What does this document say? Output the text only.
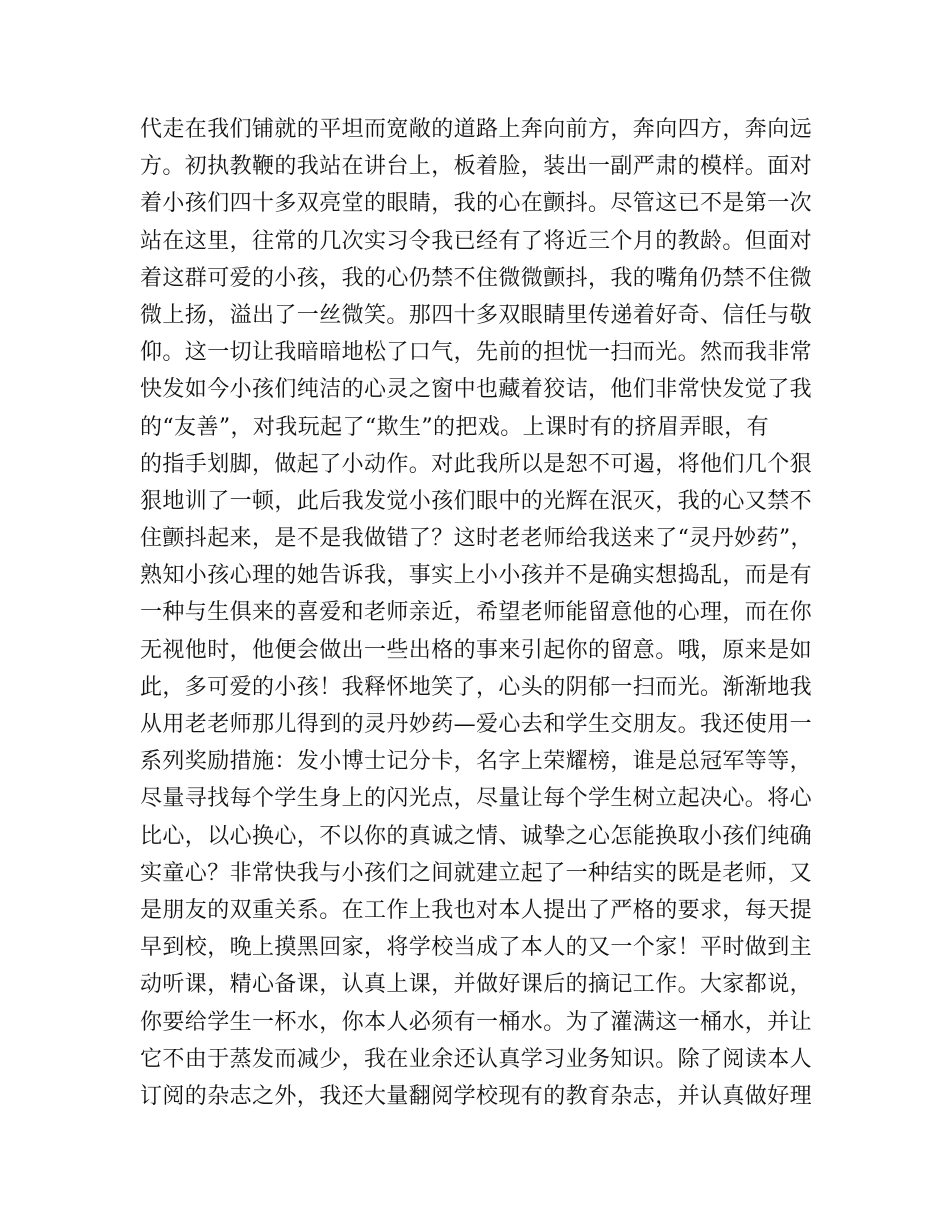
代走在我们铺就的平坦而宽敞的道路上奔向前方，奔向四方，奔向远
方。初执教鞭的我站在讲台上，板着脸，装出一副严肃的模样。面对
着小孩们四十多双亮堂的眼睛，我的心在颤抖。尽管这已不是第一次
站在这里，往常的几次实习令我已经有了将近三个月的教龄。但面对
着这群可爱的小孩，我的心仍禁不住微微颤抖，我的嘴角仍禁不住微
微上扬，溢出了一丝微笑。那四十多双眼睛里传递着好奇、信任与敬
仰。这一切让我暗暗地松了口气，先前的担忧一扫而光。然而我非常
快发如今小孩们纯洁的心灵之窗中也藏着狡诘，他们非常快发觉了我
的“友善”，对我玩起了“欺生”的把戏。上课时有的挤眉弄眼，有
的指手划脚，做起了小动作。对此我所以是恕不可遏，将他们几个狠
狠地训了一顿，此后我发觉小孩们眼中的光辉在泯灭，我的心又禁不
住颤抖起来，是不是我做错了？这时老老师给我送来了“灵丹妙药”，
熟知小孩心理的她告诉我，事实上小小孩并不是确实想捣乱，而是有
一种与生俱来的喜爱和老师亲近，希望老师能留意他的心理，而在你
无视他时，他便会做出一些出格的事来引起你的留意。哦，原来是如
此，多可爱的小孩！我释怀地笑了，心头的阴郁一扫而光。渐渐地我
从用老老师那儿得到的灵丹妙药—爱心去和学生交朋友。我还使用一
系列奖励措施：发小博士记分卡，名字上荣耀榜，谁是总冠军等等，
尽量寻找每个学生身上的闪光点，尽量让每个学生树立起决心。将心
比心，以心换心，不以你的真诚之情、诚挚之心怎能换取小孩们纯确
实童心？非常快我与小孩们之间就建立起了一种结实的既是老师，又
是朋友的双重关系。在工作上我也对本人提出了严格的要求，每天提
早到校，晚上摸黑回家，将学校当成了本人的又一个家！平时做到主
动听课，精心备课，认真上课，并做好课后的摘记工作。大家都说，
你要给学生一杯水，你本人必须有一桶水。为了灌满这一桶水，并让
它不由于蒸发而减少，我在业余还认真学习业务知识。除了阅读本人
订阅的杂志之外，我还大量翻阅学校现有的教育杂志，并认真做好理
